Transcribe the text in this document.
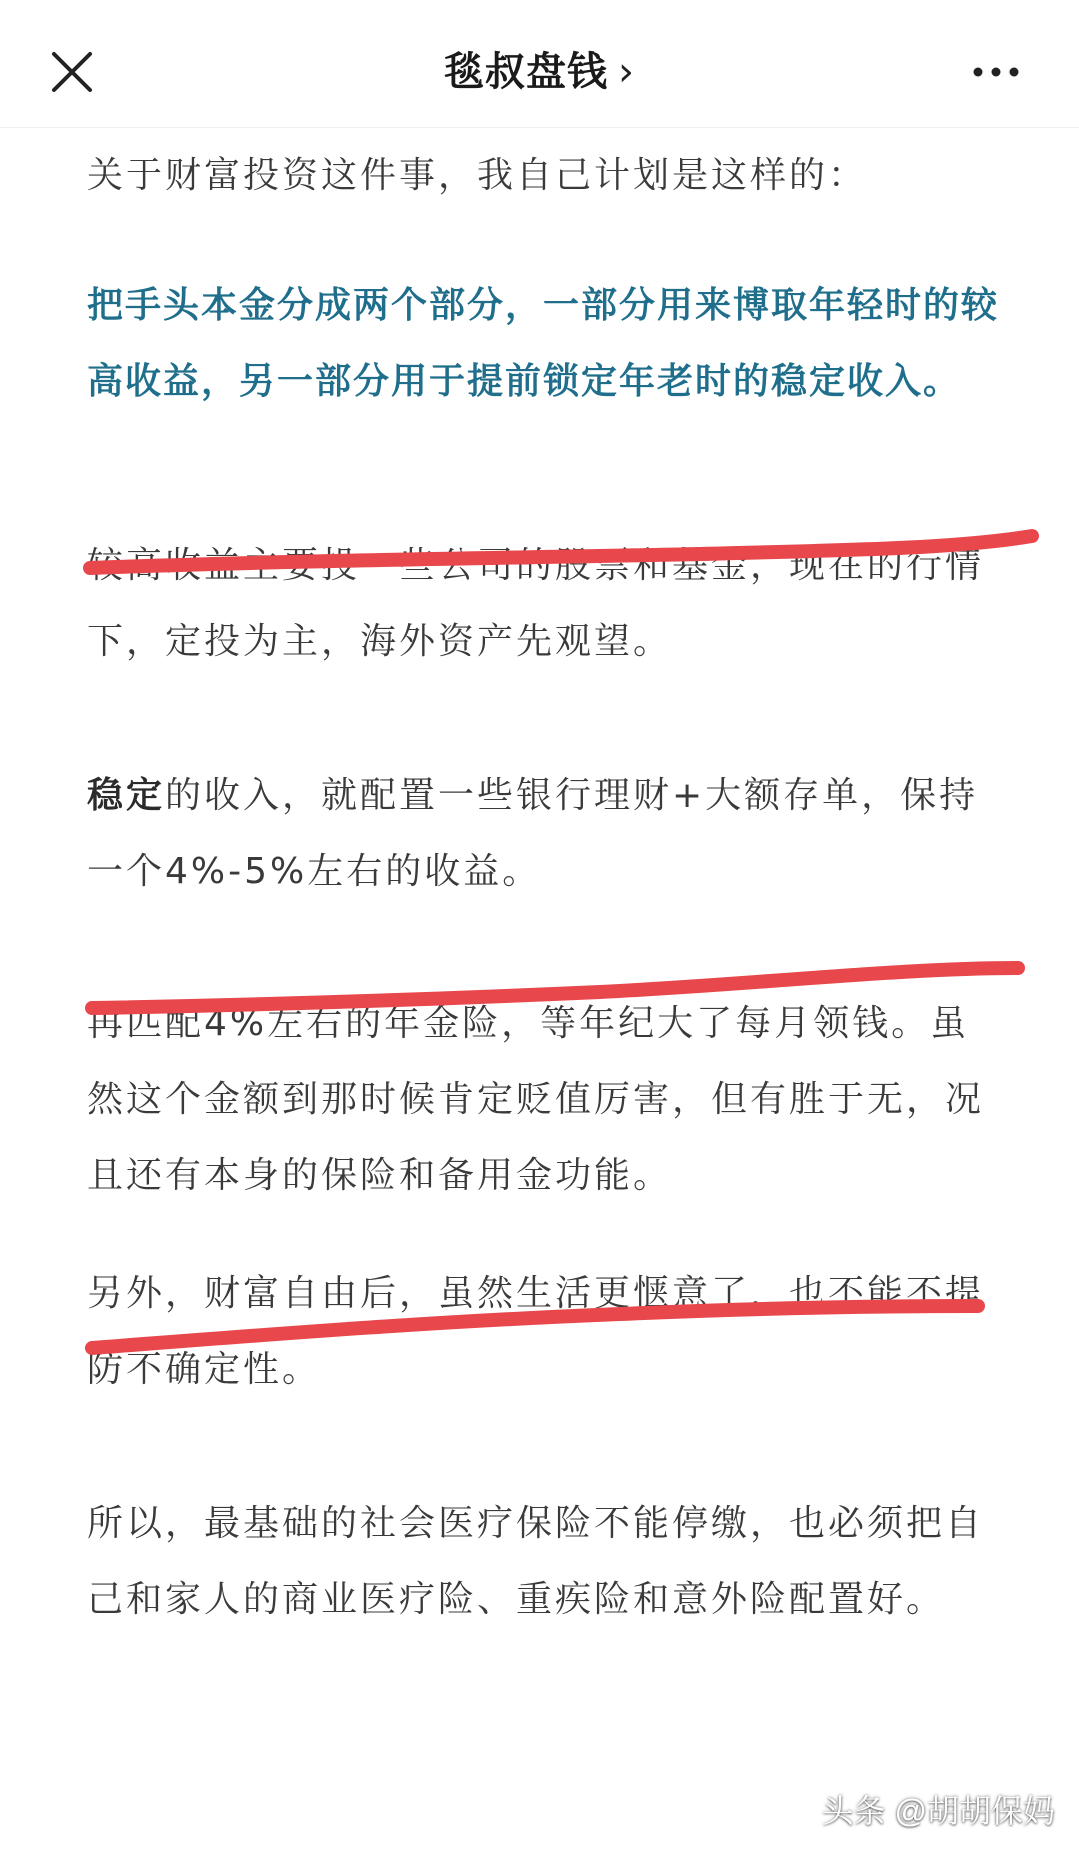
毯叔盘钱 ›

关于财富投资这件事，我自己计划是这样的：

把手头本金分成两个部分，一部分用来博取年轻时的较高收益，另一部分用于提前锁定年老时的稳定收入。

较高收益主要投一些公司的股票和基金，现在的行情下，定投为主，海外资产先观望。

稳定的收入，就配置一些银行理财+大额存单，保持一个4%-5%左右的收益。

再匹配4%左右的年金险，等年纪大了每月领钱。虽然这个金额到那时候肯定贬值厉害，但有胜于无，况且还有本身的保险和备用金功能。

另外，财富自由后，虽然生活更惬意了，也不能不提防不确定性。

所以，最基础的社会医疗保险不能停缴，也必须把自己和家人的商业医疗险、重疾险和意外险配置好。

头条 @胡胡保妈
